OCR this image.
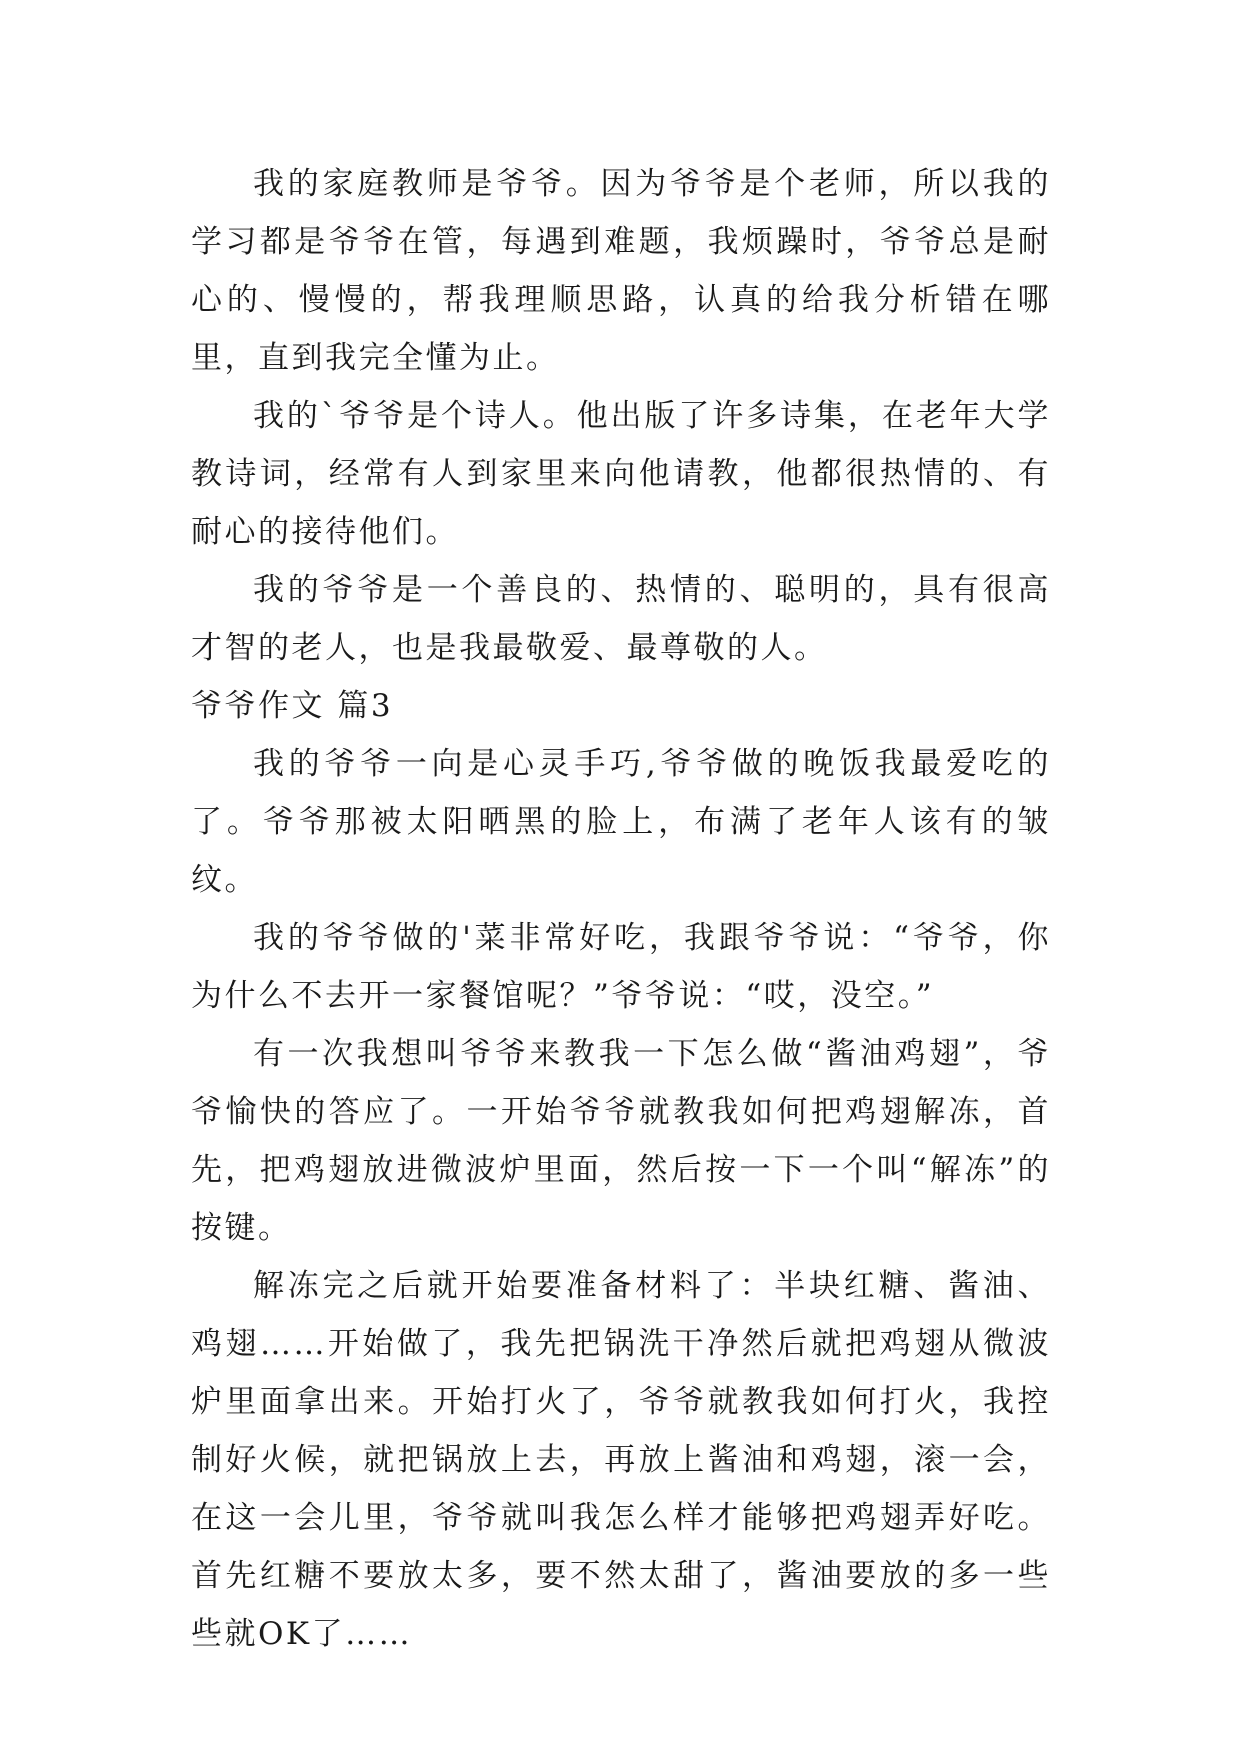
我的家庭教师是爷爷。因为爷爷是个老师，所以我的学习都是爷爷在管，每遇到难题，我烦躁时，爷爷总是耐心的、慢慢的，帮我理顺思路，认真的给我分析错在哪里，直到我完全懂为止。

我的`爷爷是个诗人。他出版了许多诗集，在老年大学教诗词，经常有人到家里来向他请教，他都很热情的、有耐心的接待他们。

我的爷爷是一个善良的、热情的、聪明的，具有很高才智的老人，也是我最敬爱、最尊敬的人。

爷爷作文 篇3

我的爷爷一向是心灵手巧,爷爷做的晚饭我最爱吃的了。爷爷那被太阳晒黑的脸上，布满了老年人该有的皱纹。

我的爷爷做的'菜非常好吃，我跟爷爷说：“爷爷，你为什么不去开一家餐馆呢？”爷爷说：“哎，没空。”

有一次我想叫爷爷来教我一下怎么做“酱油鸡翅”，爷爷愉快的答应了。一开始爷爷就教我如何把鸡翅解冻，首先，把鸡翅放进微波炉里面，然后按一下一个叫“解冻”的按键。

解冻完之后就开始要准备材料了：半块红糖、酱油、鸡翅……开始做了，我先把锅洗干净然后就把鸡翅从微波炉里面拿出来。开始打火了，爷爷就教我如何打火，我控制好火候，就把锅放上去，再放上酱油和鸡翅，滚一会，在这一会儿里，爷爷就叫我怎么样才能够把鸡翅弄好吃。首先红糖不要放太多，要不然太甜了，酱油要放的多一些些就OK了……
